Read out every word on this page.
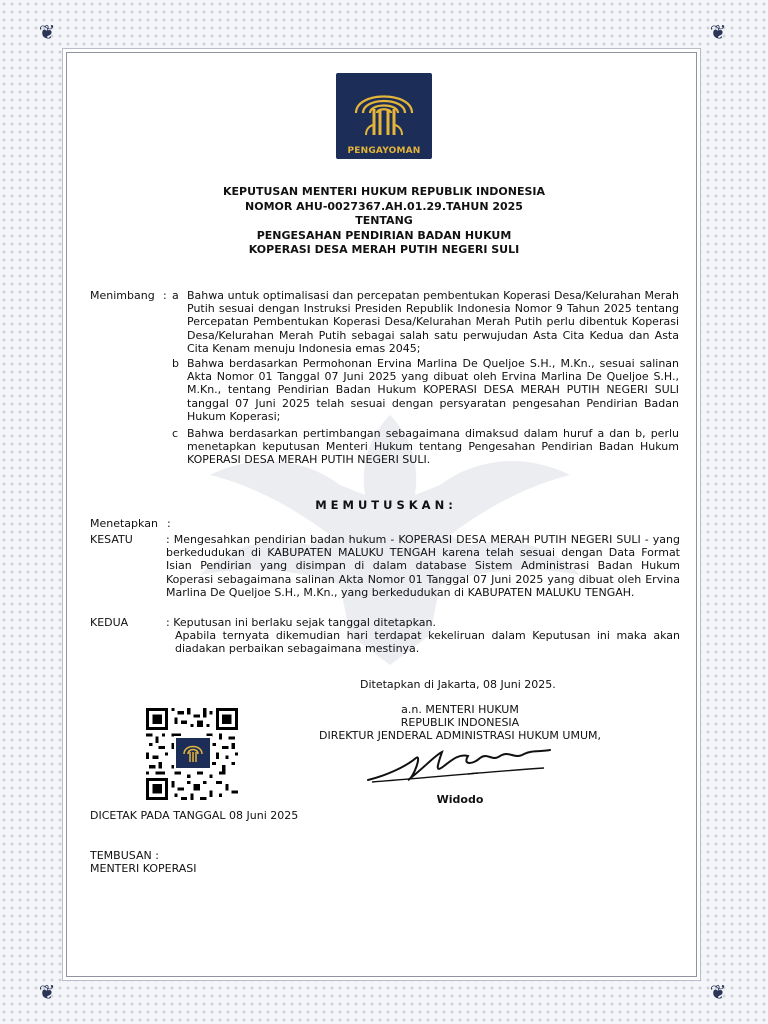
❦	❦
❦	❦
PENGAYOMAN
KEPUTUSAN MENTERI HUKUM REPUBLIK INDONESIA
NOMOR AHU-0027367.AH.01.29.TAHUN 2025
TENTANG
PENGESAHAN PENDIRIAN BADAN HUKUM
KOPERASI DESA MERAH PUTIH NEGERI SULI
Menimbang : a Bahwa untuk optimalisasi dan percepatan pembentukan Koperasi Desa/Kelurahan Merah Putih sesuai dengan Instruksi Presiden Republik Indonesia Nomor 9 Tahun 2025 tentang Percepatan Pembentukan Koperasi Desa/Kelurahan Merah Putih perlu dibentuk Koperasi Desa/Kelurahan Merah Putih sebagai salah satu perwujudan Asta Cita Kedua dan Asta Cita Kenam menuju Indonesia emas 2045;
b Bahwa berdasarkan Permohonan Ervina Marlina De Queljoe S.H., M.Kn., sesuai salinan Akta Nomor 01 Tanggal 07 Juni 2025 yang dibuat oleh Ervina Marlina De Queljoe S.H., M.Kn., tentang Pendirian Badan Hukum KOPERASI DESA MERAH PUTIH NEGERI SULI tanggal 07 Juni 2025 telah sesuai dengan persyaratan pengesahan Pendirian Badan Hukum Koperasi;
c Bahwa berdasarkan pertimbangan sebagaimana dimaksud dalam huruf a dan b, perlu menetapkan keputusan Menteri Hukum tentang Pengesahan Pendirian Badan Hukum KOPERASI DESA MERAH PUTIH NEGERI SULI.
M E M U T U S K A N :
Menetapkan :
KESATU	: Mengesahkan pendirian badan hukum - KOPERASI DESA MERAH PUTIH NEGERI SULI - yang berkedudukan di KABUPATEN MALUKU TENGAH karena telah sesuai dengan Data Format Isian Pendirian yang disimpan di dalam database Sistem Administrasi Badan Hukum Koperasi sebagaimana salinan Akta Nomor 01 Tanggal 07 Juni 2025 yang dibuat oleh Ervina Marlina De Queljoe S.H., M.Kn., yang berkedudukan di KABUPATEN MALUKU TENGAH.
KEDUA	: Keputusan ini berlaku sejak tanggal ditetapkan.
Apabila ternyata dikemudian hari terdapat kekeliruan dalam Keputusan ini maka akan diadakan perbaikan sebagaimana mestinya.
Ditetapkan di Jakarta, 08 Juni 2025.
a.n. MENTERI HUKUM
REPUBLIK INDONESIA
DIREKTUR JENDERAL ADMINISTRASI HUKUM UMUM,
Widodo
DICETAK PADA TANGGAL 08 Juni 2025
TEMBUSAN :
MENTERI KOPERASI
